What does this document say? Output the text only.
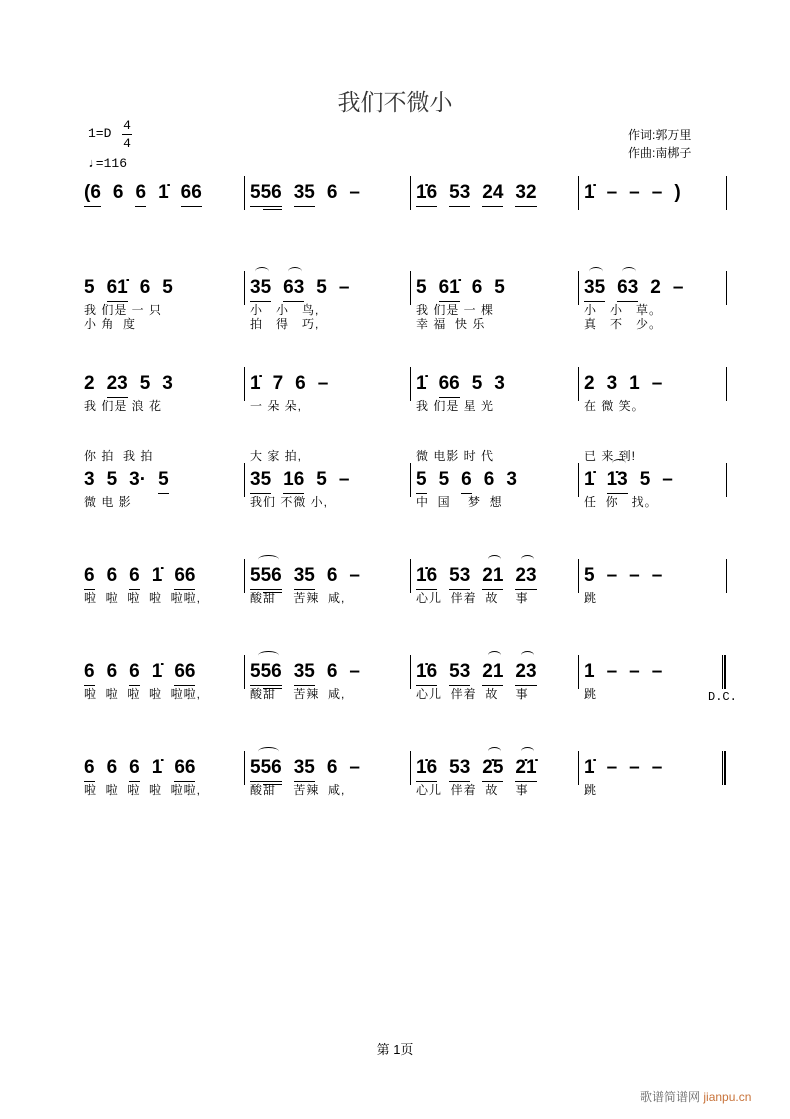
我们不微小
1=D
4
4
♩=116
作词:郭万里
作曲:南梆子
(6 6 6 1̇ 66	556 35 6 –	1̇6 53 24 32	1̇ – – – )
5 61̇ 6 5
我 们是 一 只
小 角  度
35 63 5 –
小   小   鸟,
拍   得   巧,
5 61̇ 6 5
我 们是 一 棵
幸 福  快 乐
35 63 2 –
小   小   草。
真   不   少。
2 23 5 3
我 们是 浪 花
你 拍  我 拍
1̇ 7 6 –
一 朵 朵,
大 家 拍,
1̇ 66 5 3
我 们是 星 光
微 电影 时 代
2 3 1 –
在 微 笑。
已 来 到!
3 5 3· 5
微 电 影
35 16 5 –
我们 不微 小,
5 5 6 6 3
中  国    梦  想
1̇ 1̇3 5 –
任  你   找。
6 6 6 1̇ 66
啦  啦  啦  啦  啦啦,
556 35 6 –
酸甜    苦辣  咸,
1̇6 53 21 23
心儿  伴着  故    事
5 – – –
跳
6 6 6 1̇ 66
啦  啦  啦  啦  啦啦,
556 35 6 –
酸甜    苦辣  咸,
1̇6 53 21 23
心儿  伴着  故    事
1 – – –
跳
6 6 6 1̇ 66
啦  啦  啦  啦  啦啦,
556 35 6 –
酸甜    苦辣  咸,
1̇6 53 2̇5 2̇1̇
心儿  伴着  故    事
1̇ – – –
跳
D.C.
第 1页
歌谱简谱网 jianpu.cn
